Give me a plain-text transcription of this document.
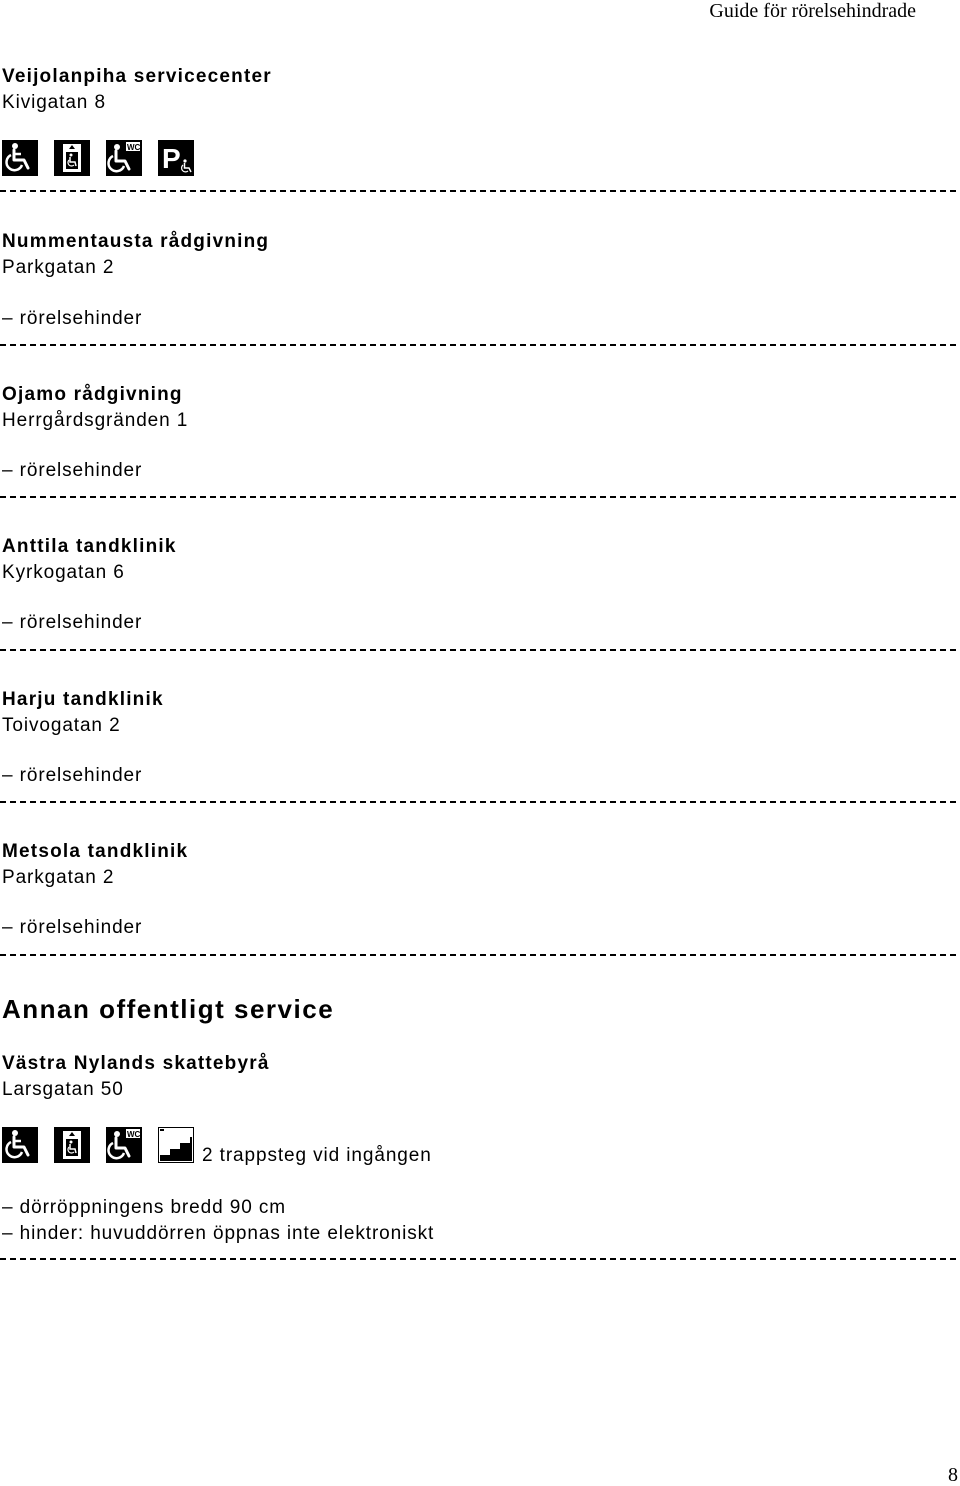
Guide för rörelsehindrade
Veijolanpiha servicecenter
Kivigatan 8
Nummentausta rådgivning
Parkgatan 2
– rörelsehinder
Ojamo rådgivning
Herrgårdsgränden 1
– rörelsehinder
Anttila tandklinik
Kyrkogatan 6
– rörelsehinder
Harju tandklinik
Toivogatan 2
– rörelsehinder
Metsola tandklinik
Parkgatan 2
– rörelsehinder
Annan offentligt service
Västra Nylands skattebyrå
Larsgatan 50
2 trappsteg vid ingången
– dörröppningens bredd 90 cm
– hinder: huvuddörren öppnas inte elektroniskt
8
